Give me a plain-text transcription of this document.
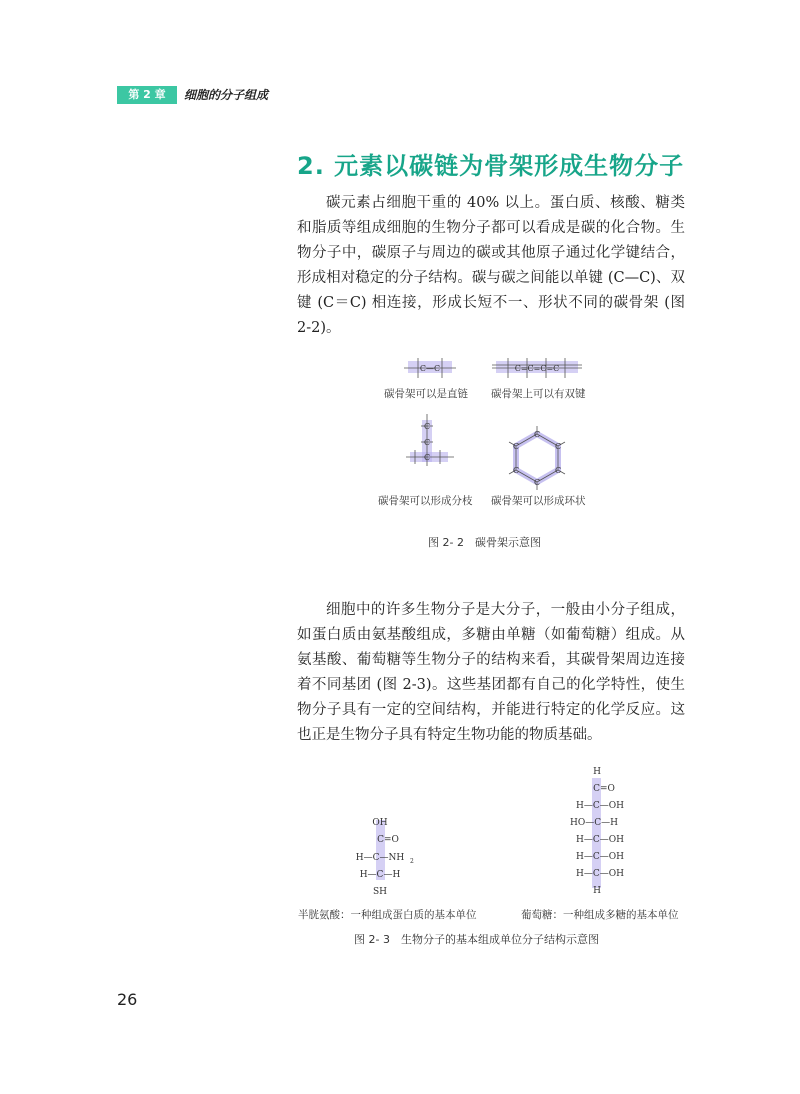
第 2 章	细胞的分子组成
2. 元素以碳链为骨架形成生物分子

碳元素占细胞干重的 40% 以上。蛋白质、核酸、糖类和脂质等组成细胞的生物分子都可以看成是碳的化合物。生物分子中，碳原子与周边的碳或其他原子通过化学键结合，形成相对稳定的分子结构。碳与碳之间能以单键 (C—C)、双键 (C＝C) 相连接，形成长短不一、形状不同的碳骨架 (图 2-2)。

C—C	C=C=C=C
C
C
C
C
C
C
C
C
C
碳骨架可以是直链 碳骨架上可以有双键
碳骨架可以形成分枝 碳骨架可以形成环状
图 2- 2　碳骨架示意图

细胞中的许多生物分子是大分子，一般由小分子组成，如蛋白质由氨基酸组成，多糖由单糖（如葡萄糖）组成。从氨基酸、葡萄糖等生物分子的结构来看，其碳骨架周边连接着不同基团 (图 2-3)。这些基团都有自己的化学特性，使生物分子具有一定的空间结构，并能进行特定的化学反应。这也正是生物分子具有特定生物功能的物质基础。

OH
C=O
H—C—NH 2
H—C—H
SH
H
C=O
H—C—OH
HO—C—H
H—C—OH
H—C—OH
H—C—OH
H
半胱氨酸：一种组成蛋白质的基本单位	葡萄糖：一种组成多糖的基本单位
图 2- 3　生物分子的基本组成单位分子结构示意图
26
